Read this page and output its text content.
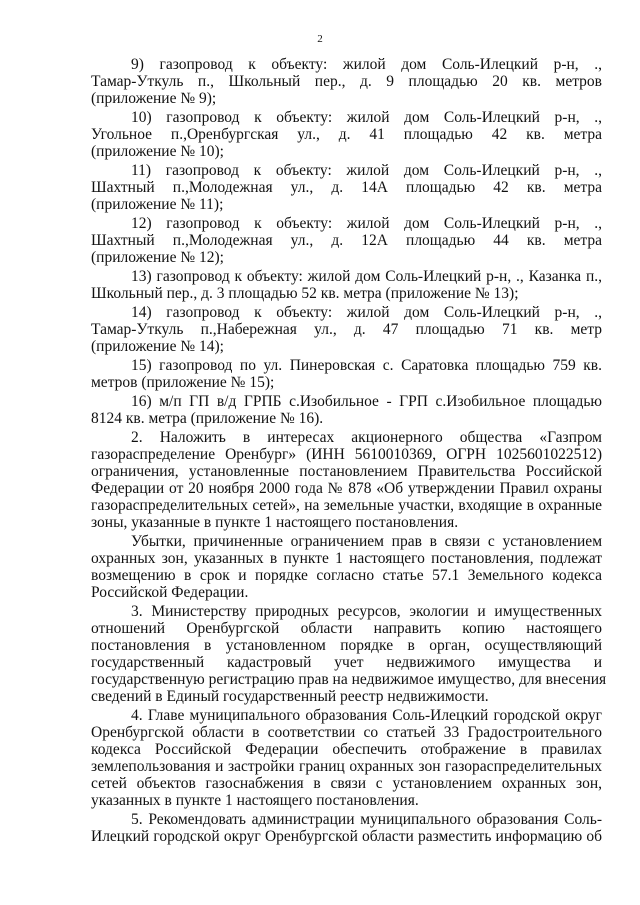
2
9) газопровод к объекту: жилой дом Соль-Илецкий р-н, .,
Тамар-Уткуль п., Школьный пер., д. 9 площадью 20 кв. метров
(приложение № 9);
10) газопровод к объекту: жилой дом Соль-Илецкий р-н, .,
Угольное п.,Оренбургская ул., д. 41 площадью 42 кв. метра
(приложение № 10);
11) газопровод к объекту: жилой дом Соль-Илецкий р-н, .,
Шахтный п.,Молодежная ул., д. 14А площадью 42 кв. метра
(приложение № 11);
12) газопровод к объекту: жилой дом Соль-Илецкий р-н, .,
Шахтный п.,Молодежная ул., д. 12А площадью 44 кв. метра
(приложение № 12);
13) газопровод к объекту: жилой дом Соль-Илецкий р-н, ., Казанка п.,
Школьный пер., д. 3 площадью 52 кв. метра (приложение № 13);
14) газопровод к объекту: жилой дом Соль-Илецкий р-н, .,
Тамар-Уткуль п.,Набережная ул., д. 47 площадью 71 кв. метр
(приложение № 14);
15) газопровод по ул. Пинеровская с. Саратовка площадью 759 кв.
метров (приложение № 15);
16) м/п ГП в/д ГРПБ с.Изобильное - ГРП с.Изобильное площадью
8124 кв. метра (приложение № 16).
2. Наложить в интересах акционерного общества «Газпром
газораспределение Оренбург» (ИНН 5610010369, ОГРН 1025601022512)
ограничения, установленные постановлением Правительства Российской
Федерации от 20 ноября 2000 года № 878 «Об утверждении Правил охраны
газораспределительных сетей», на земельные участки, входящие в охранные
зоны, указанные в пункте 1 настоящего постановления.
Убытки, причиненные ограничением прав в связи с установлением
охранных зон, указанных в пункте 1 настоящего постановления, подлежат
возмещению в срок и порядке согласно статье 57.1 Земельного кодекса
Российской Федерации.
3. Министерству природных ресурсов, экологии и имущественных
отношений Оренбургской области направить копию настоящего
постановления в установленном порядке в орган, осуществляющий
государственный кадастровый учет недвижимого имущества и
государственную регистрацию прав на недвижимое имущество, для внесения
сведений в Единый государственный реестр недвижимости.
4. Главе муниципального образования Соль-Илецкий городской округ
Оренбургской области в соответствии со статьей 33 Градостроительного
кодекса Российской Федерации обеспечить отображение в правилах
землепользования и застройки границ охранных зон газораспределительных
сетей объектов газоснабжения в связи с установлением охранных зон,
указанных в пункте 1 настоящего постановления.
5. Рекомендовать администрации муниципального образования Соль-
Илецкий городской округ Оренбургской области разместить информацию об
